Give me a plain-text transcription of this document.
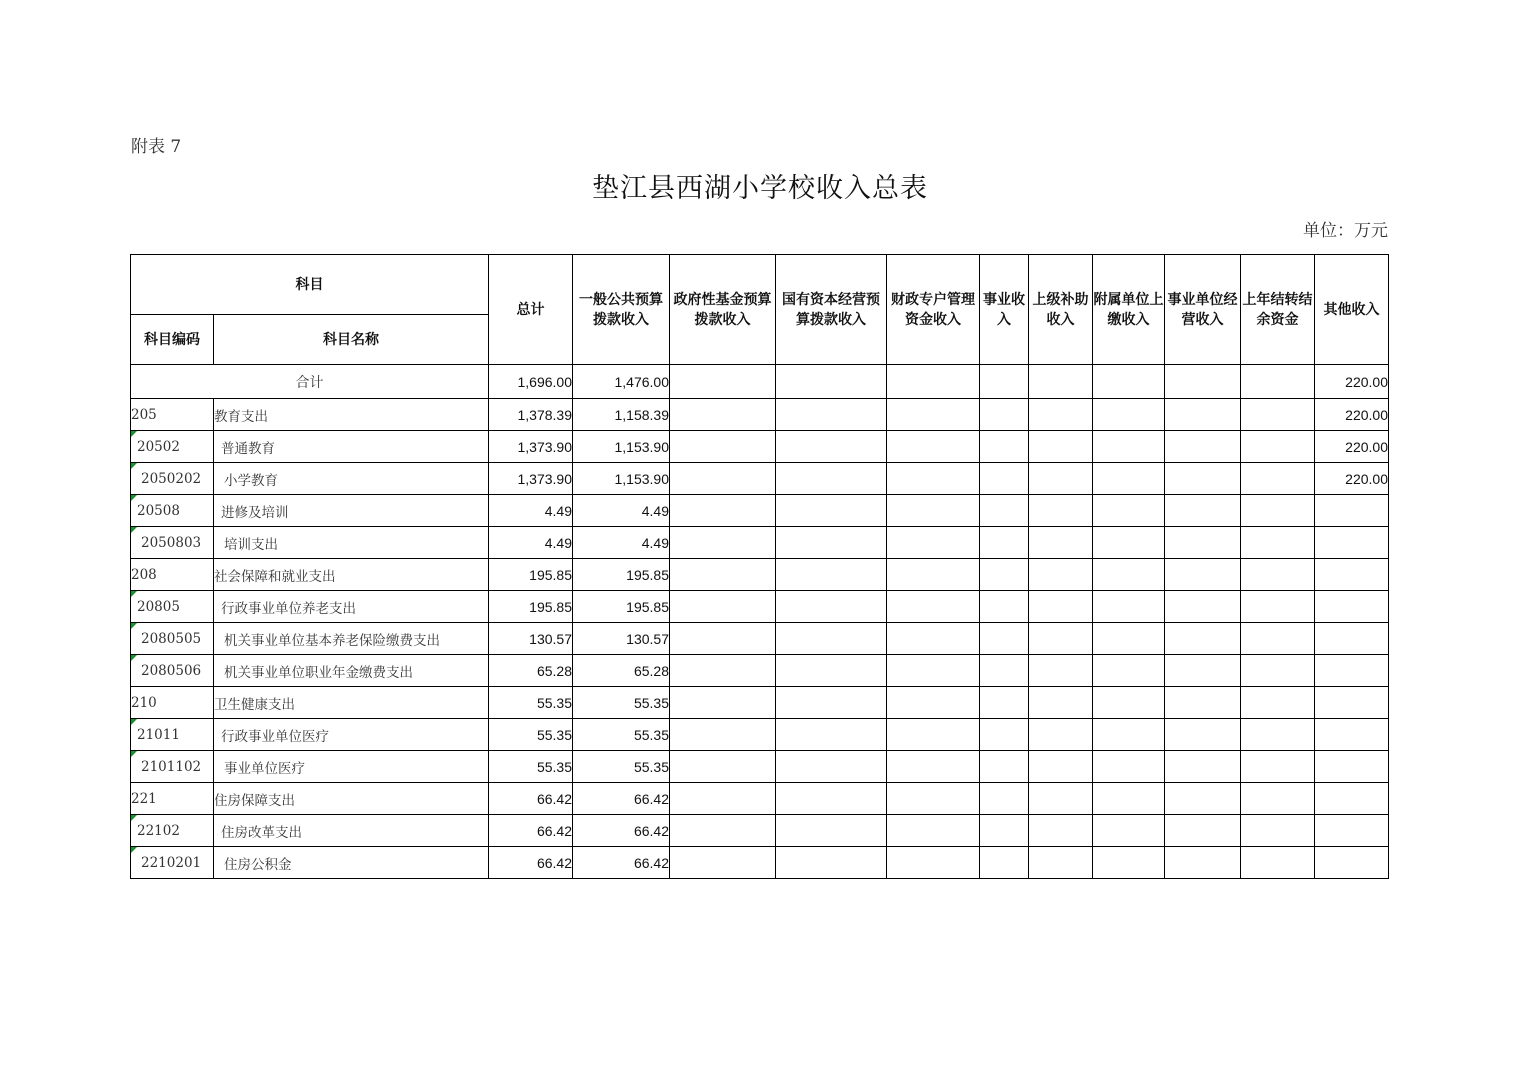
附表 7
垫江县西湖小学校收入总表
单位：万元
科目		总计	一般公共预算拨款收入	政府性基金预算拨款收入	国有资本经营预算拨款收入	财政专户管理资金收入	事业收入	上级补助收入	附属单位上缴收入	事业单位经营收入	上年结转结余资金	其他收入
科目编码	科目名称											
合计		1,696.00	1,476.00									220.00
205	教育支出	1,378.39	1,158.39									220.00

20502	普通教育	1,373.90	1,153.90									220.00

2050202	小学教育	1,373.90	1,153.90									220.00

20508	进修及培训	4.49	4.49									

2050803	培训支出	4.49	4.49									
208	社会保障和就业支出	195.85	195.85									

20805	行政事业单位养老支出	195.85	195.85									

2080505	机关事业单位基本养老保险缴费支出	130.57	130.57									

2080506	机关事业单位职业年金缴费支出	65.28	65.28									
210	卫生健康支出	55.35	55.35									

21011	行政事业单位医疗	55.35	55.35									

2101102	事业单位医疗	55.35	55.35									
221	住房保障支出	66.42	66.42									

22102	住房改革支出	66.42	66.42									

2210201	住房公积金	66.42	66.42									
